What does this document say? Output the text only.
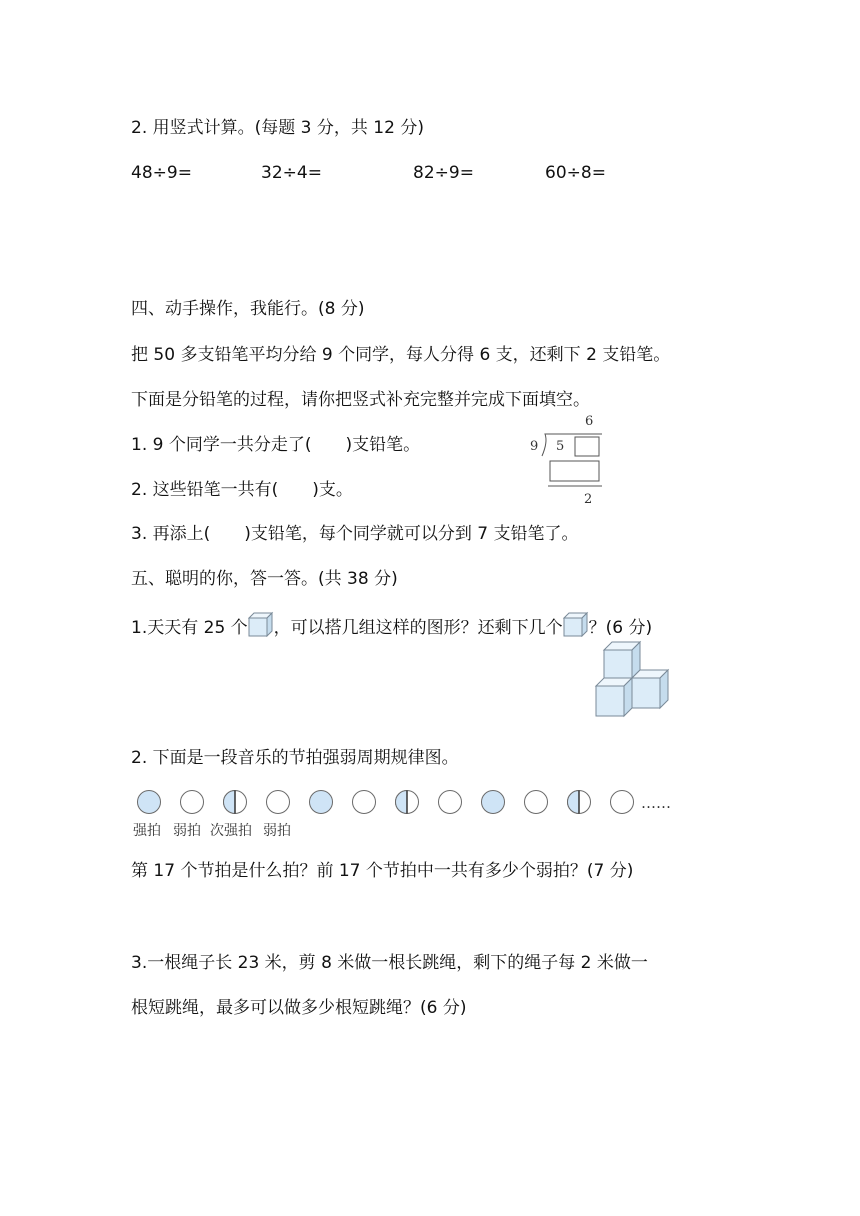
2. 用竖式计算。(每题 3 分，共 12 分)
48÷9=	32÷4=	82÷9=	60÷8=
四、动手操作，我能行。(8 分)
把 50 多支铅笔平均分给 9 个同学，每人分得 6 支，还剩下 2 支铅笔。
下面是分铅笔的过程，请你把竖式补充完整并完成下面填空。
1. 9 个同学一共分走了( )支铅笔。
2. 这些铅笔一共有( )支。
3. 再添上( )支铅笔，每个同学就可以分到 7 支铅笔了。
6
9 5
2
五、聪明的你，答一答。(共 38 分)
1.天天有 25 个 ，可以搭几组这样的图形？还剩下几个 ？(6 分)
2. 下面是一段音乐的节拍强弱周期规律图。
……
强拍 弱拍 次强拍 弱拍
第 17 个节拍是什么拍？前 17 个节拍中一共有多少个弱拍？(7 分)
3.一根绳子长 23 米，剪 8 米做一根长跳绳，剩下的绳子每 2 米做一
根短跳绳，最多可以做多少根短跳绳？(6 分)
